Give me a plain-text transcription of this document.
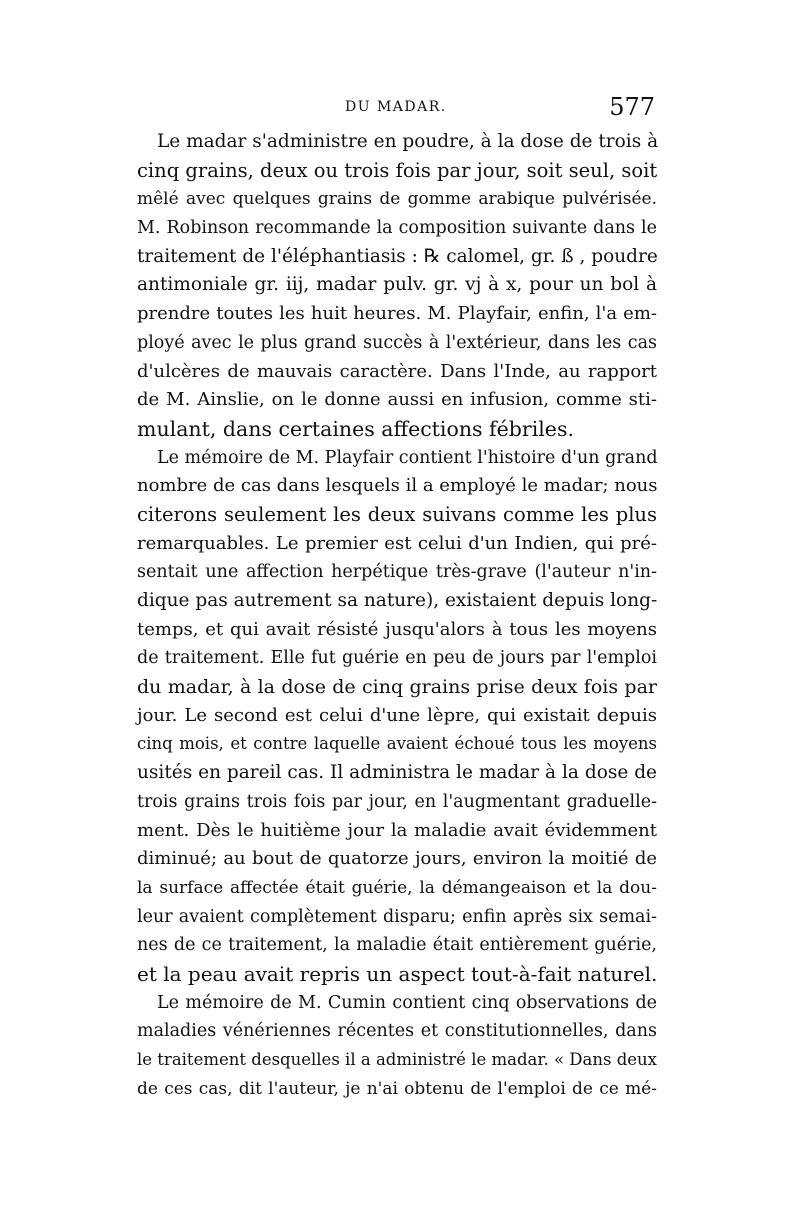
DU MADAR.	577
Le madar s'administre en poudre, à la dose de trois à
cinq grains, deux ou trois fois par jour, soit seul, soit
mêlé avec quelques grains de gomme arabique pulvérisée.
M. Robinson recommande la composition suivante dans le
traitement de l'éléphantiasis : ℞ calomel, gr. ß , poudre
antimoniale gr. iij, madar pulv. gr. vj à x, pour un bol à
prendre toutes les huit heures. M. Playfair, enfin, l'a em-
ployé avec le plus grand succès à l'extérieur, dans les cas
d'ulcères de mauvais caractère. Dans l'Inde, au rapport
de M. Ainslie, on le donne aussi en infusion, comme sti-
mulant, dans certaines affections fébriles.
Le mémoire de M. Playfair contient l'histoire d'un grand
nombre de cas dans lesquels il a employé le madar; nous
citerons seulement les deux suivans comme les plus
remarquables. Le premier est celui d'un Indien, qui pré-
sentait une affection herpétique très-grave (l'auteur n'in-
dique pas autrement sa nature), existaient depuis long-
temps, et qui avait résisté jusqu'alors à tous les moyens
de traitement. Elle fut guérie en peu de jours par l'emploi
du madar, à la dose de cinq grains prise deux fois par
jour. Le second est celui d'une lèpre, qui existait depuis
cinq mois, et contre laquelle avaient échoué tous les moyens
usités en pareil cas. Il administra le madar à la dose de
trois grains trois fois par jour, en l'augmentant graduelle-
ment. Dès le huitième jour la maladie avait évidemment
diminué; au bout de quatorze jours, environ la moitié de
la surface affectée était guérie, la démangeaison et la dou-
leur avaient complètement disparu; enfin après six semai-
nes de ce traitement, la maladie était entièrement guérie,
et la peau avait repris un aspect tout-à-fait naturel.
Le mémoire de M. Cumin contient cinq observations de
maladies vénériennes récentes et constitutionnelles, dans
le traitement desquelles il a administré le madar. « Dans deux
de ces cas, dit l'auteur, je n'ai obtenu de l'emploi de ce mé-
